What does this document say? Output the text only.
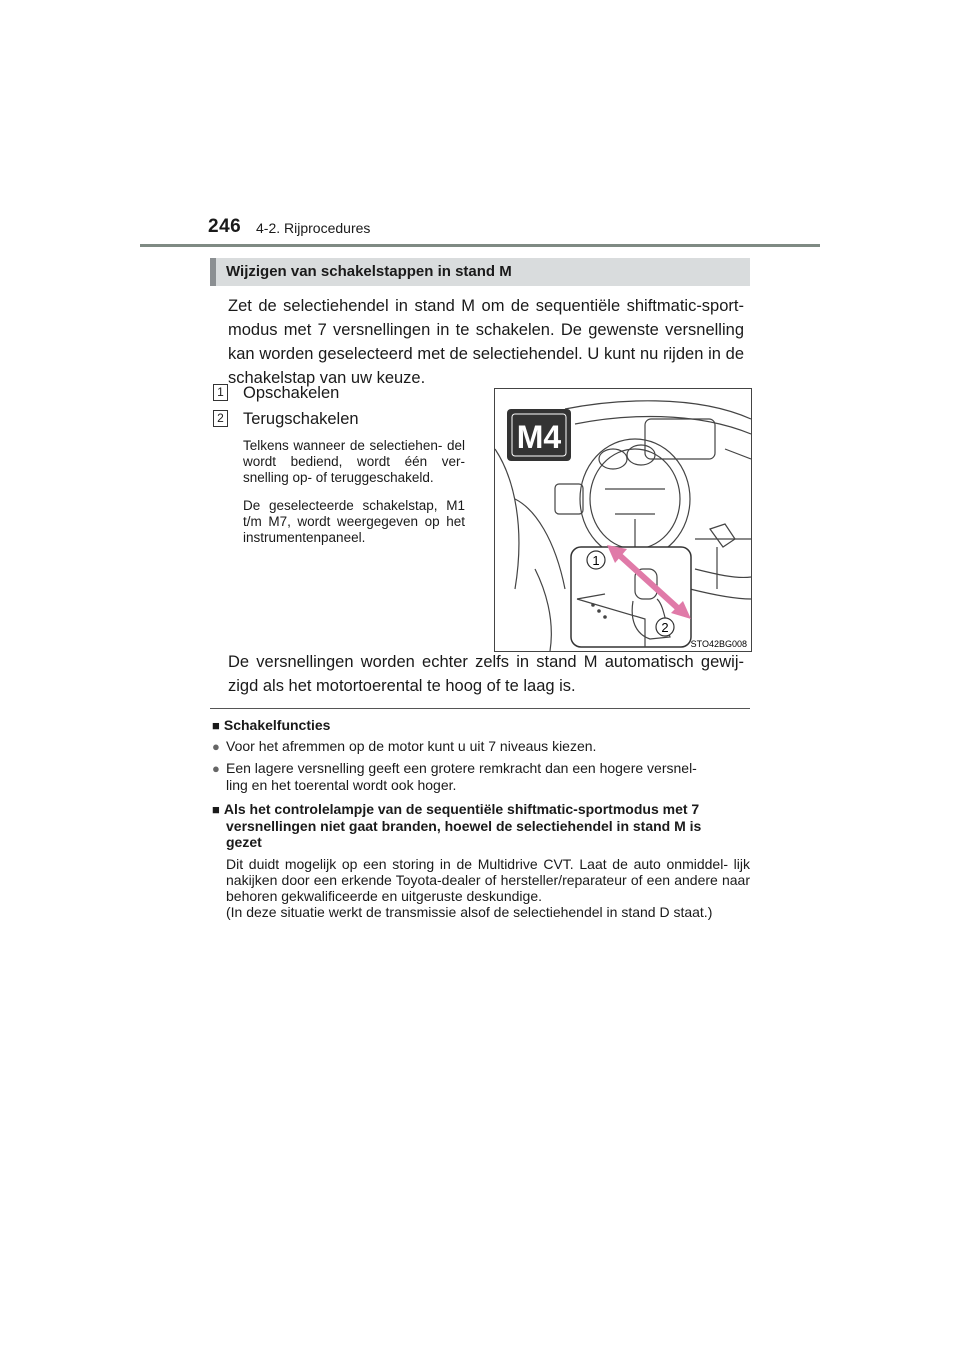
246 4-2. Rijprocedures
Wijzigen van schakelstappen in stand M
Zet de selectiehendel in stand M om de sequentiële shiftmatic-sport- modus met 7 versnellingen in te schakelen. De gewenste versnelling kan worden geselecteerd met de selectiehendel. U kunt nu rijden in de schakelstap van uw keuze.
1 Opschakelen
2 Terugschakelen
Telkens wanneer de selectiehen- del wordt bediend, wordt één ver- snelling op- of teruggeschakeld.
De geselecteerde schakelstap, M1 t/m M7, wordt weergegeven op het instrumentenpaneel.
1
2
M4
STO42BG008
De versnellingen worden echter zelfs in stand M automatisch gewij- zigd als het motortoerental te hoog of te laag is.
■ Schakelfuncties
● Voor het afremmen op de motor kunt u uit 7 niveaus kiezen.
● Een lagere versnelling geeft een grotere remkracht dan een hogere versnel-
ling en het toerental wordt ook hoger.
■ Als het controlelampje van de sequentiële shiftmatic-sportmodus met 7
versnellingen niet gaat branden, hoewel de selectiehendel in stand M is
gezet
Dit duidt mogelijk op een storing in de Multidrive CVT. Laat de auto onmiddel- lijk nakijken door een erkende Toyota-dealer of hersteller/reparateur of een andere naar behoren gekwalificeerde en uitgeruste deskundige.
(In deze situatie werkt de transmissie alsof de selectiehendel in stand D staat.)
